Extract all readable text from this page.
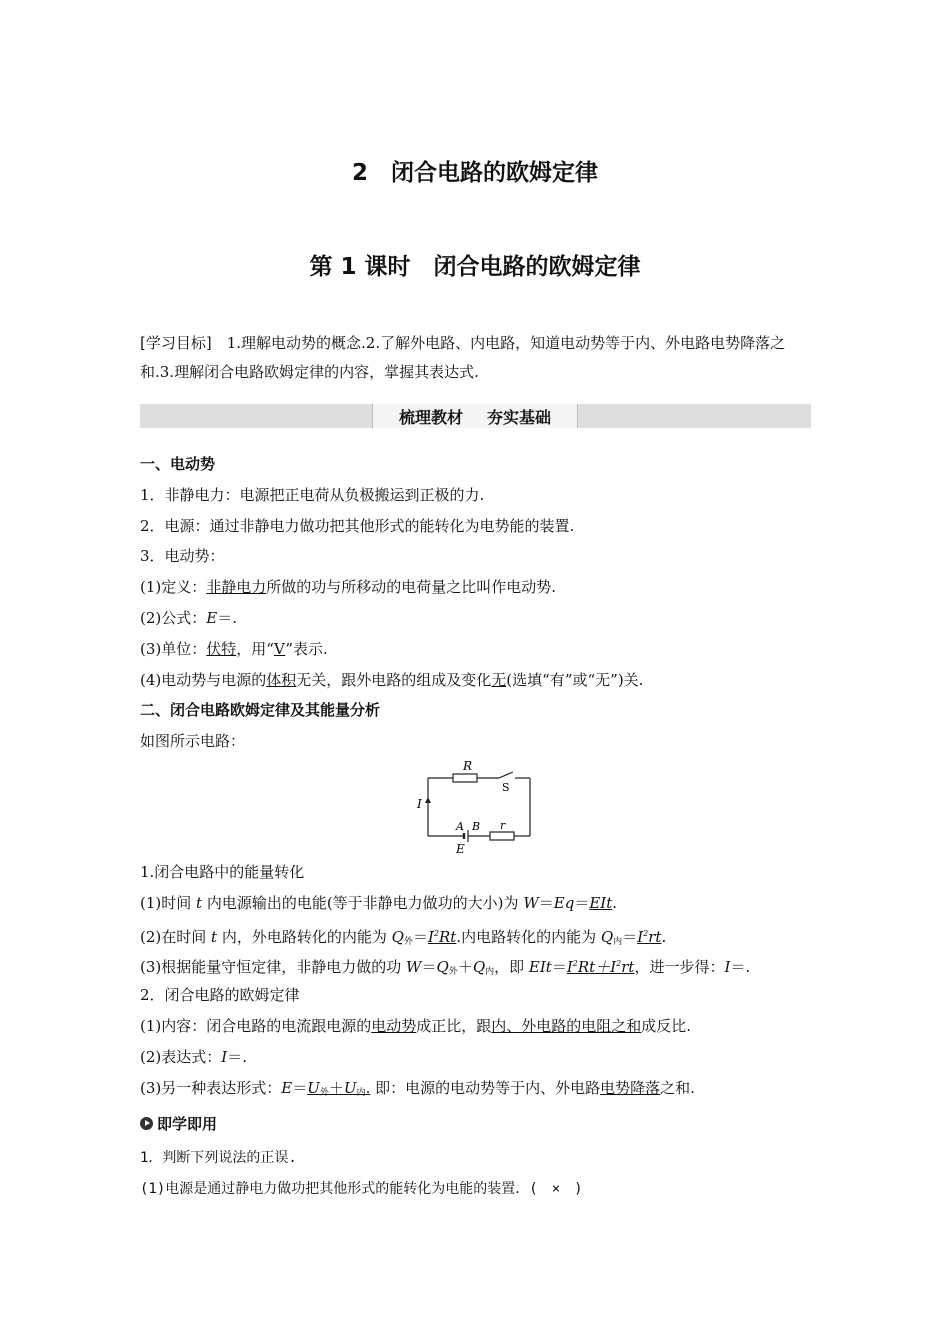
2　闭合电路的欧姆定律
第 1 课时　闭合电路的欧姆定律
[学习目标]　1.理解电动势的概念.2.了解外电路、内电路，知道电动势等于内、外电路电势降落之和.3.理解闭合电路欧姆定律的内容，掌握其表达式.
梳理教材 夯实基础
一、电动势
1．非静电力：电源把正电荷从负极搬运到正极的力.
2．电源：通过非静电力做功把其他形式的能转化为电势能的装置.
3．电动势：
(1)定义：非静电力所做的功与所移动的电荷量之比叫作电动势.
(2)公式：E＝.
(3)单位：伏特，用“V”表示.
(4)电动势与电源的体积无关，跟外电路的组成及变化无(选填“有”或“无”)关.
二、闭合电路欧姆定律及其能量分析
如图所示电路：
R
S
I
A B r
E
1.闭合电路中的能量转化
(1)时间 t 内电源输出的电能(等于非静电力做功的大小)为 W＝Eq＝EIt.
(2)在时间 t 内，外电路转化的内能为 $Q_外=I^2Rt$.内电路转化的内能为 $Q_内=I^2rt$.
(3)根据能量守恒定律，非静电力做的功 $W=Q_外+Q_内$，即 $EIt=I^2Rt+I^2rt$，进一步得：I＝.
2．闭合电路的欧姆定律
(1)内容：闭合电路的电流跟电源的电动势成正比，跟内、外电路的电阻之和成反比.
(2)表达式：I＝.
(3)另一种表达形式：$E=U_外+U_内$. 即：电源的电动势等于内、外电路电势降落之和.
即学即用
1．判断下列说法的正误.
(1)电源是通过静电力做功把其他形式的能转化为电能的装置．(　×　)
